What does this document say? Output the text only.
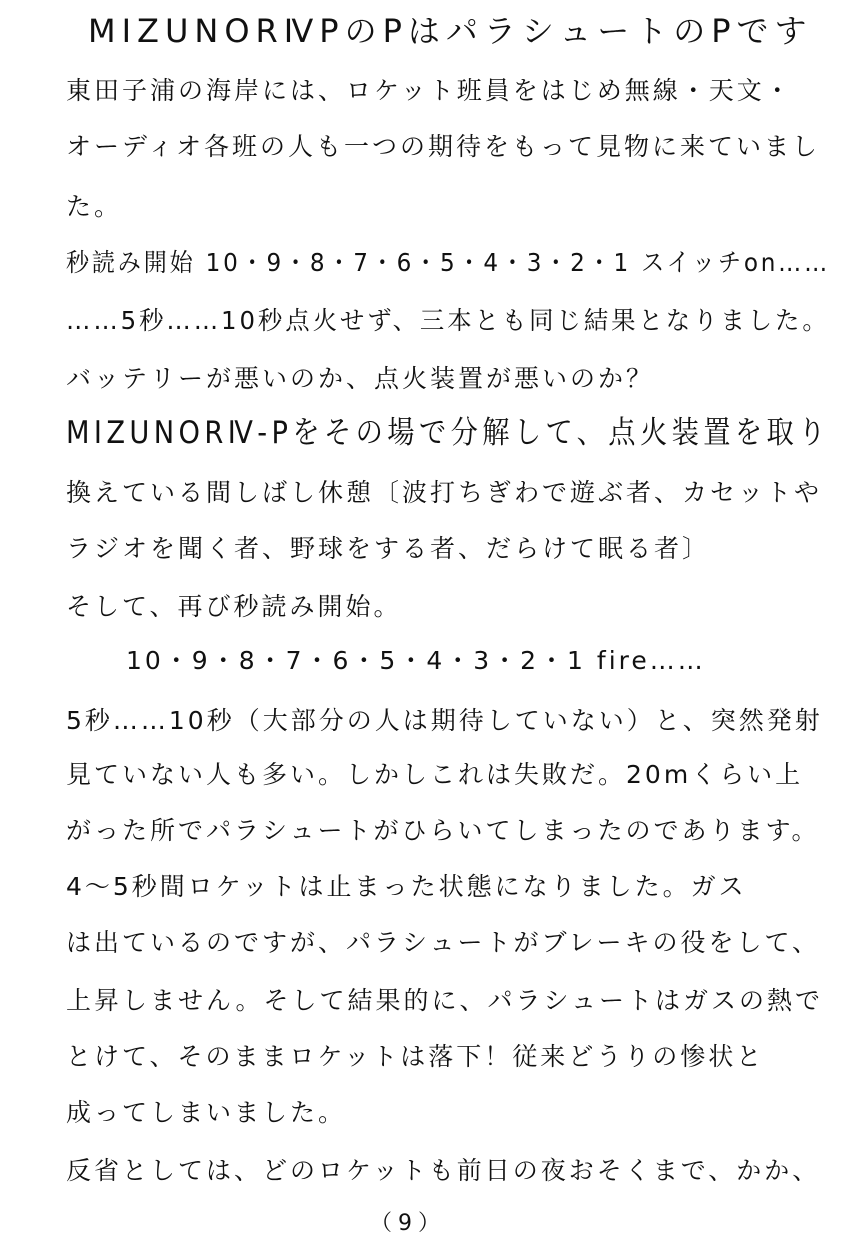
MIZUNORⅣPのPはパラシュートのPです
東田子浦の海岸には、ロケット班員をはじめ無線・天文・
オーディオ各班の人も一つの期待をもって見物に来ていまし
た。
秒読み開始 10・9・8・7・6・5・4・3・2・1 スイッチon……
……5秒……10秒点火せず、三本とも同じ結果となりました。
バッテリーが悪いのか、点火装置が悪いのか？
MIZUNORⅣ-Pをその場で分解して、点火装置を取り
換えている間しばし休憩〔波打ちぎわで遊ぶ者、カセットや
ラジオを聞く者、野球をする者、だらけて眠る者〕
そして、再び秒読み開始。
10・9・8・7・6・5・4・3・2・1 fire……
5秒……10秒（大部分の人は期待していない）と、突然発射
見ていない人も多い。しかしこれは失敗だ。20mくらい上
がった所でパラシュートがひらいてしまったのであります。
4〜5秒間ロケットは止まった状態になりました。ガス
は出ているのですが、パラシュートがブレーキの役をして、
上昇しません。そして結果的に、パラシュートはガスの熱で
とけて、そのままロケットは落下！従来どうりの惨状と
成ってしまいました。
反省としては、どのロケットも前日の夜おそくまで、かか、
（9）
